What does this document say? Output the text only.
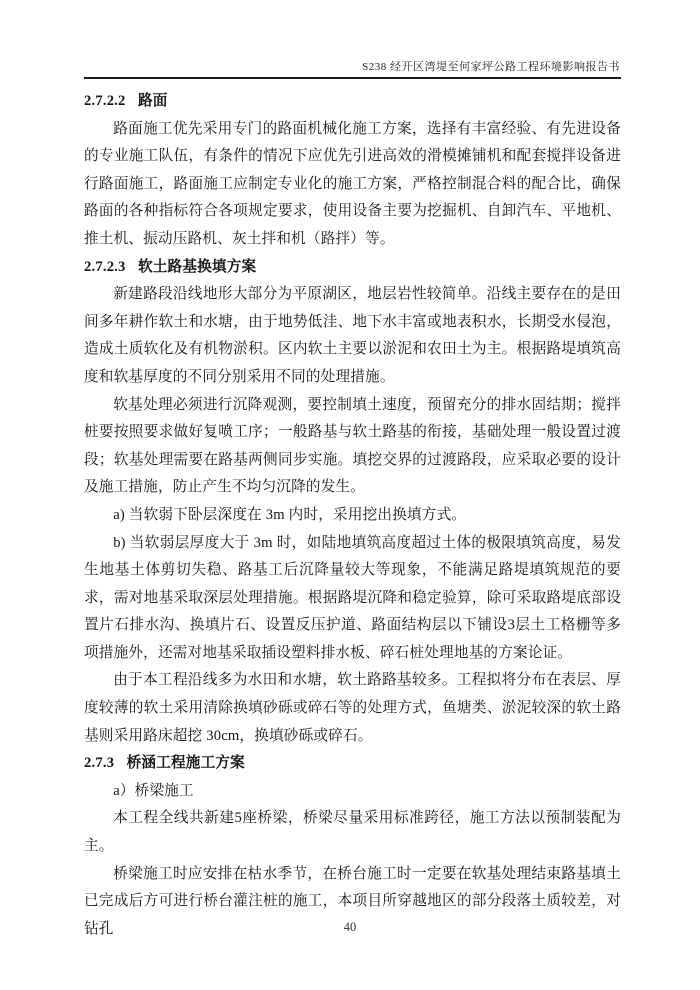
S238 经开区湾堤至何家坪公路工程环境影响报告书
2.7.2.2 路面

路面施工优先采用专门的路面机械化施工方案，选择有丰富经验、有先进设备的专业施工队伍，有条件的情况下应优先引进高效的滑模摊铺机和配套搅拌设备进行路面施工，路面施工应制定专业化的施工方案，严格控制混合料的配合比，确保路面的各种指标符合各项规定要求，使用设备主要为挖掘机、自卸汽车、平地机、推土机、振动压路机、灰土拌和机（路拌）等。

2.7.2.3 软土路基换填方案

新建路段沿线地形大部分为平原湖区，地层岩性较简单。沿线主要存在的是田间多年耕作软土和水塘，由于地势低洼、地下水丰富或地表积水，长期受水侵泡，造成土质软化及有机物淤积。区内软土主要以淤泥和农田土为主。根据路堤填筑高度和软基厚度的不同分别采用不同的处理措施。

软基处理必须进行沉降观测，要控制填土速度，预留充分的排水固结期；搅拌桩要按照要求做好复喷工序；一般路基与软土路基的衔接，基础处理一般设置过渡段；软基处理需要在路基两侧同步实施。填挖交界的过渡路段，应采取必要的设计及施工措施，防止产生不均匀沉降的发生。

a) 当软弱下卧层深度在 3m 内时，采用挖出换填方式。

b) 当软弱层厚度大于 3m 时，如陆地填筑高度超过土体的极限填筑高度，易发生地基土体剪切失稳、路基工后沉降量较大等现象，不能满足路堤填筑规范的要求，需对地基采取深层处理措施。根据路堤沉降和稳定验算，除可采取路堤底部设置片石排水沟、换填片石、设置反压护道、路面结构层以下铺设3层土工格栅等多项措施外，还需对地基采取插设塑料排水板、碎石桩处理地基的方案论证。

由于本工程沿线多为水田和水塘，软土路路基较多。工程拟将分布在表层、厚度较薄的软土采用清除换填砂砾或碎石等的处理方式，鱼塘类、淤泥较深的软土路基则采用路床超挖 30cm，换填砂砾或碎石。

2.7.3 桥涵工程施工方案

a）桥梁施工

本工程全线共新建5座桥梁，桥梁尽量采用标准跨径，施工方法以预制装配为主。

桥梁施工时应安排在枯水季节，在桥台施工时一定要在软基处理结束路基填土已完成后方可进行桥台灌注桩的施工，本项目所穿越地区的部分段落土质较差，对钻孔	40
